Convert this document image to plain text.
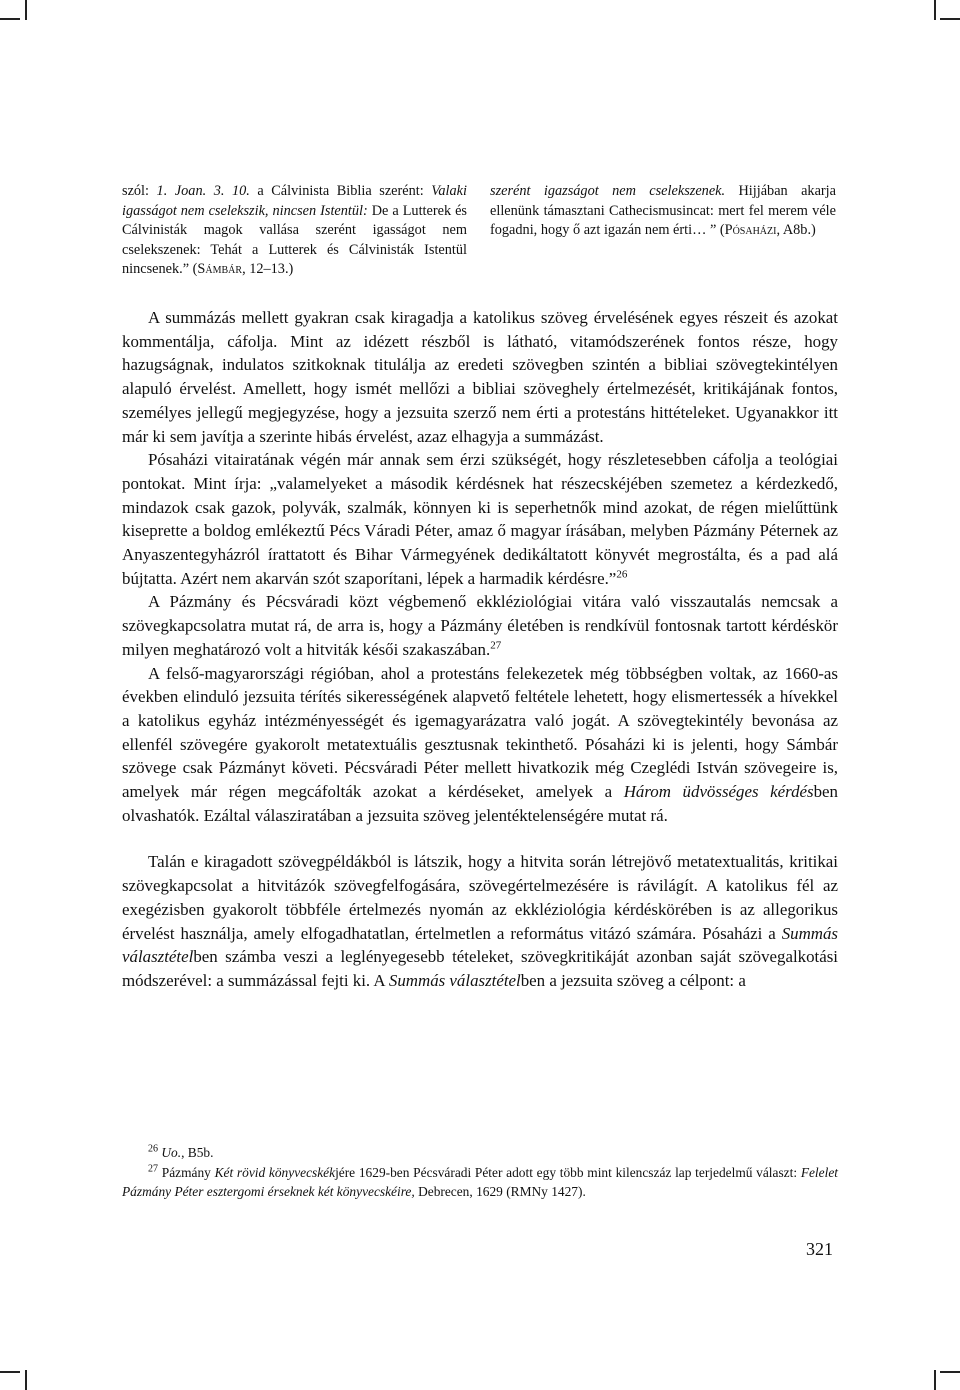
szól: 1. Joan. 3. 10. a Cálvinista Biblia szerént: Valaki igasságot nem cselekszik, nincsen Istentül: De a Lutterek és Cálvinisták magok vallása szerént igasságot nem cselekszenek: Tehát a Lutterek és Cálvinisták Istentül nincsenek.” (Sámbár, 12–13.)
szerént igazságot nem cselekszenek. Hijjában akarja ellenünk támasztani Cathecismusincat: mert fel merem véle fogadni, hogy ő azt igazán nem érti… ” (Pósaházi, A8b.)

A summázás mellett gyakran csak kiragadja a katolikus szöveg érvelésének egyes részeit és azokat kommentálja, cáfolja. Mint az idézett részből is látható, vitamódszerének fontos része, hogy hazugságnak, indulatos szitkoknak titulálja az eredeti szövegben szintén a bibliai szövegtekintélyen alapuló érvelést. Amellett, hogy ismét mellőzi a bibliai szöveghely értelmezését, kritikájának fontos, személyes jellegű megjegyzése, hogy a jezsuita szerző nem érti a protestáns hittételeket. Ugyanakkor itt már ki sem javítja a szerinte hibás érvelést, azaz elhagyja a summázást.

Pósaházi vitairatának végén már annak sem érzi szükségét, hogy részletesebben cáfolja a teológiai pontokat. Mint írja: „valamelyeket a második kérdésnek hat részecskéjében szemetez a kérdezkedő, mindazok csak gazok, polyvák, szalmák, könnyen ki is seperhetnők mind azokat, de régen mielűttünk kiseprette a boldog emlékeztű Pécs Váradi Péter, amaz ő magyar írásában, melyben Pázmány Péternek az Anyaszentegyházról írattatott és Bihar Vármegyének dedikáltatott könyvét megrostálta, és a pad alá bújtatta. Azért nem akarván szót szaporítani, lépek a harmadik kérdésre.”$^{26}$

A Pázmány és Pécsváradi közt végbemenő ekkléziológiai vitára való visszautalás nemcsak a szövegkapcsolatra mutat rá, de arra is, hogy a Pázmány életében is rendkívül fontosnak tartott kérdéskör milyen meghatározó volt a hitviták késői szakaszában.$^{27}$

A felső-magyarországi régióban, ahol a protestáns felekezetek még többségben voltak, az 1660-as években elinduló jezsuita térítés sikerességének alapvető feltétele lehetett, hogy elismertessék a hívekkel a katolikus egyház intézményességét és igemagyarázatra való jogát. A szövegtekintély bevonása az ellenfél szövegére gyakorolt metatextuális gesztusnak tekinthető. Pósaházi ki is jelenti, hogy Sámbár szövege csak Pázmányt követi. Pécsváradi Péter mellett hivatkozik még Czeglédi István szövegeire is, amelyek már régen megcáfolták azokat a kérdéseket, amelyek a Három üdvösséges kérdésben olvashatók. Ezáltal válasziratában a jezsuita szöveg jelentéktelenségére mutat rá.

Talán e kiragadott szövegpéldákból is látszik, hogy a hitvita során létrejövő metatextualitás, kritikai szövegkapcsolat a hitvitázók szövegfelfogására, szövegértelmezésére is rávilágít. A katolikus fél az exegézisben gyakorolt többféle értelmezés nyomán az ekkléziológia kérdéskörében is az allegorikus érvelést használja, amely elfogadhatatlan, értelmetlen a református vitázó számára. Pósaházi a Summás választételben számba veszi a leglényegesebb tételeket, szövegkritikáját azonban saját szövegalkotási módszerével: a summázással fejti ki. A Summás választételben a jezsuita szöveg a célpont: a

$^{26}$ Uo., B5b.

$^{27}$ Pázmány Két rövid könyvecskékjére 1629-ben Pécsváradi Péter adott egy több mint kilencszáz lap terjedelmű választ: Felelet Pázmány Péter esztergomi érseknek két könyvecskéire, Debrecen, 1629 (RMNy 1427).

321
